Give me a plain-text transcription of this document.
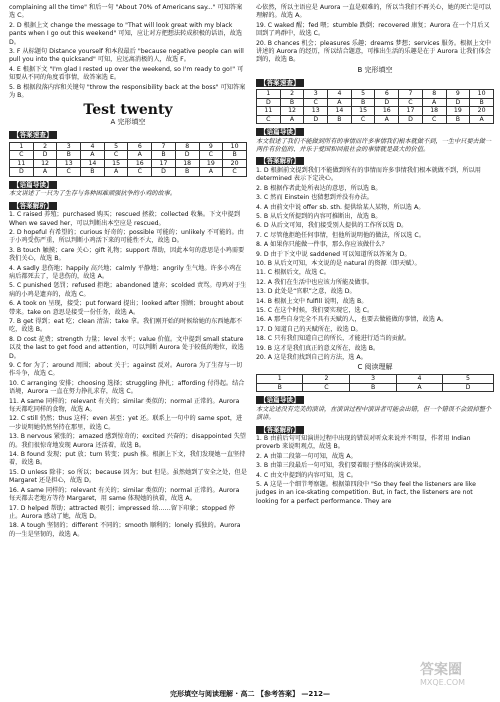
complaining all the time" 和后一句 "About 70% of Americans say..." 可知答案选 C。

2. D 根据上文 change the message to "That will look great with my black pants when I go out this weekend" 可知，应让对方把想法转成积极的话语，故选 D。

3. F 从标题句 Distance yourself 和本段最后 "because negative people can will pull you into the quicksand" 可知，应远离消极的人，故选 F。

4. E 根据下文 "I'm glad I rested up over the weekend, so I'm ready to go!" 可知要从不同的角度看事情，故答案选 E。

5. B 根据段落内容和关键句 "throw the responsibility back at the boss" 可知答案为 B。

Test twenty
A 完形填空
【答案速查】
1	2	3	4	5	6	7	8	9	10
C	D	B	A	C	A	B	D	C	B
11	12	13	14	15	16	17	18	19	20
D	A	C	B	A	C	D	B	A	C
【语篇导读】

本文讲述了一只为了生存与各种困难顽强抗争的小鸡的故事。

【答案解析】

1. C raised 养殖；purchased 购买；rescued 拯救；collected 收集。下文中提到 When we saved her，可以判断出本空应是 rescued。

2. D hopeful 有希望的；curious 好奇的；possible 可能的；unlikely 不可能的。由于小鸡受伤严重，所以判断小鸡活下来的可能性不大，故选 D。

3. B touch 触摸；care 关心；gift 礼物；support 帮助，因此本句的意思是小鸡需要我们关心，故选 B。

4. A sadly 悲伤地；happily 高兴地；calmly 平静地；angrily 生气地。许多小鸡在病后都死去了，是悲伤的，故选 A。

5. C punished 惩罚；refused 拒绝；abandoned 遗弃；scolded 责骂。母鸡对于生病的小鸡是遗弃的，故选 C。

6. A took on 呈现，接受；put forward 提出；looked after 照顾；brought about 带来。take on 意思是接受一份任务，故选 A。

7. B get 得到；eat 吃；clean 清洁；take 拿。我们刚开始的时候给她的东西她都不吃，故选 B。

8. D cost 花费；strength 力量；level 水平；value 价值。文中提到 small stature 以及 the last to get food and attention，可以判断 Aurora 处于较低的地位，故选 D。

9. C for 为了；around 周围；about 关于；against 反对。Aurora 为了生存与一切作斗争，故选 C。

10. C arranging 安排；choosing 选择；struggling 挣扎；affording 付得起。结合语境，Aurora 一直在努力挣扎求存，故选 C。

11. A same 同样的；relevant 有关的；similar 类似的；normal 正常的。Aurora 每天都吃同样的食物，故选 A。

12. C still 仍然；thus 这样；even 甚至；yet 还。联系上一句中的 same spot，进一步说明她仍然坚持在那里，故选 C。

13. B nervous 紧张的；amazed 感到惊奇的；excited 兴奋的；disappointed 失望的。我们很惊奇地发现 Aurora 还活着，故选 B。

14. B found 发现；put 放；turn 转变；push 推。根据上下文，我们发现她一直坚持着，故选 B。

15. D unless 除非；so 所以；because 因为；but 但是。虽然她到了安全之处，但是 Margaret 还是担心，故选 D。

16. A same 同样的；relevant 有关的；similar 类似的；normal 正常的。Aurora 每天都去老地方等待 Margaret，用 same 体现她的执着，故选 A。

17. D helped 帮助；attracted 吸引；impressed 给……留下印象；stopped 停止。Aurora 感动了她，故选 D。

18. A tough 坚韧的；different 不同的；smooth 顺利的；lonely 孤独的。Aurora 的一生是坚韧的，故选 A。

心依然，所以主语应是 Aurora 一直是艰难的，所以当我们不再关心，她的死亡是可以理解的。故选 A。

19. C waked 醒；fed 喂；stumble 跌倒；recovered 康复；Aurora 在一个月后又回到了鸡群中，故选 C。

20. B chances 机会；pleasures 乐趣；dreams 梦想；services 服务。根据上文中讲述的 Aurora 的经历，所以结合题意，可推出生活的乐趣是在于 Aurora 让我们体会到的，故选 B。

B 完形填空
【答案速查】
1	2	3	4	5	6	7	8	9	10
D	B	C	A	B	D	C	A	D	B
11	12	13	14	15	16	17	18	19	20
C	A	D	B	C	A	D	C	B	A
【语篇导读】

本文叙述了我们不能做到所有的事情而许多事情我们根本就做不到，一生中只要去做一两件有价值的、并乐于爱国和回报社会的事情就是最大的价值。

【答案解析】

1. D 根据前文提到我们不能做到所有的事情而许多事情我们根本就做不到，所以用 determined 表示下定决心。

2. B 根据作者此处所表达的意思，所以选 B。

3. C 然而 Einstein 也猜想到并没有办法。

4. A 由前文中说 offer sb. sth. 提供给某人某物，所以选 A。

5. B 从后文所提到的内容可推断出，故选 B。

6. D 从后文可知，我们接受别人提供的工作所以选 D。

7. C 尽管他拒绝任何事情，但他所说明他的做法，所以选 C。

8. A 如果你只能做一件事，那么你应该做什么？

9. D 由于下文中说 saddened 可以知道所以答案为 D。

10. B 从后文可知，本文说的是 natural 的资源（即天赋）。

11. C 根据后文，故选 C。

12. A 我们在生活中也应该力所能及做事。

13. D 此处是“官职”之意，故选 D。

14. B 根据上文中 fulfill 说明，故选 B。

15. C 在这个时候，我们要实现它，选 C。

16. A 那些自身完全不具有天赋的人，也要去做能做的事情，故选 A。

17. D 知道自己的天赋所在，故选 D。

18. C 只有我们知道自己的所长，才能进行适当的贡献。

19. B 这才是我们真正的意义所在，故选 B。

20. A 这是我们找到自己的方法，选 A。

C 阅读理解
1	2	3	4	5
B	C	B	A	D
【语篇导读】

本文论述没有完美的演讲，在演讲过程中演讲者可能会出错，但一个错误不会毁掉整个演讲。

【答案解析】

1. B 由前后句可知演讲过程中出现的错误对听众来说并不明显，作者用 Indian proverb 来说明观点，故选 B。

2. A 由第二段第一句可知，故选 A。

3. B 由第三段最后一句可知，我们要着眼于整体的演讲效果。

4. C 由文中提到的内容可知，选 C。

5. A 这是一个细节考察题。根据第四段中 "So they feel the listeners are like judges in an ice-skating competition. But, in fact, the listeners are not looking for a perfect performance. They are

完形填空与阅读理解 · 高二 【参考答案】 —212—
答案圈
MXQE.COM
